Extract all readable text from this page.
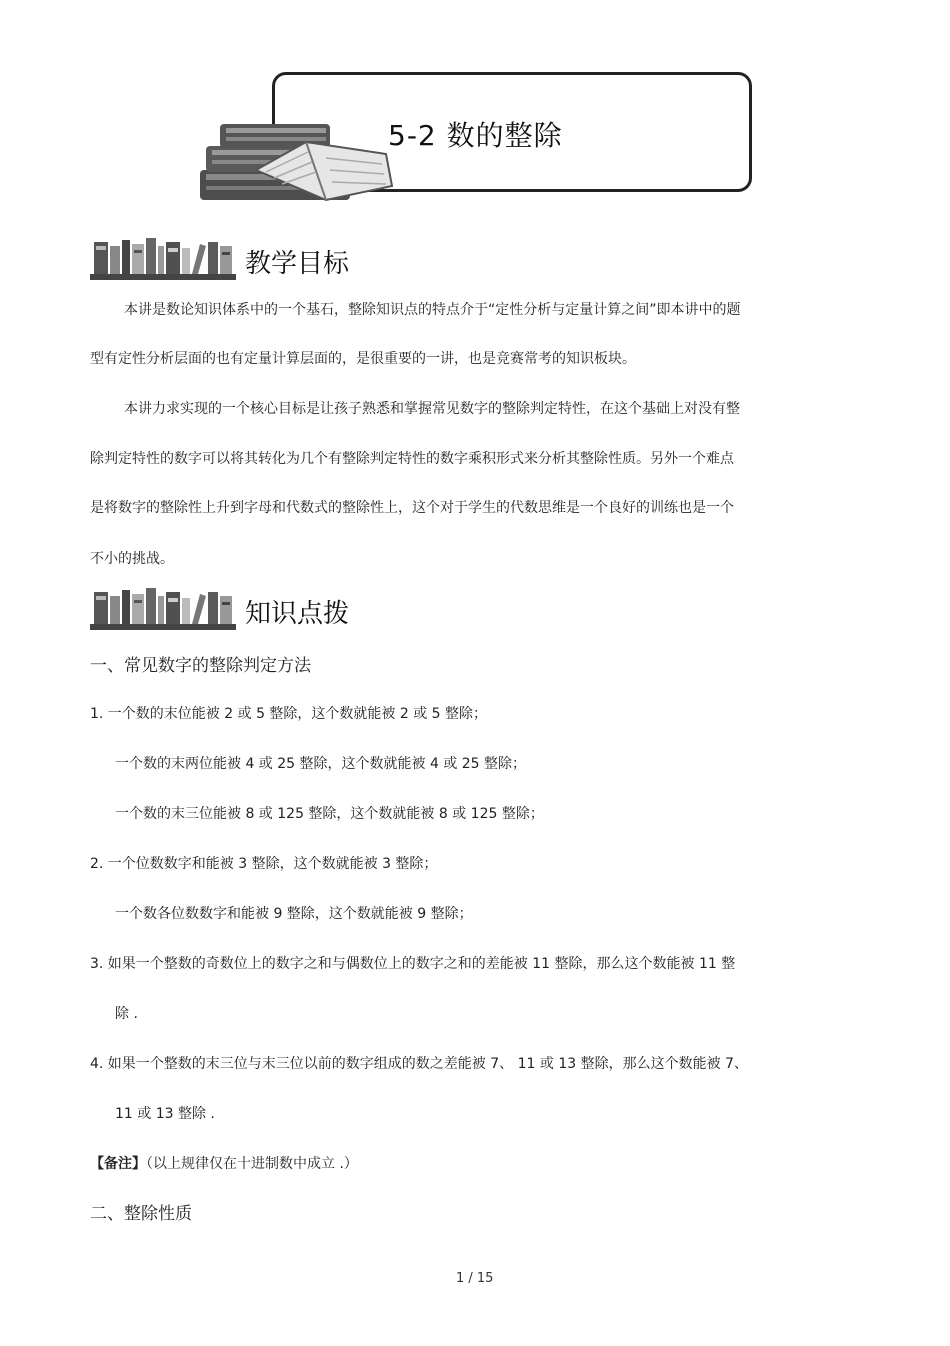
5-2 数的整除
教学目标
本讲是数论知识体系中的一个基石，整除知识点的特点介于“定性分析与定量计算之间”即本讲中的题
型有定性分析层面的也有定量计算层面的，是很重要的一讲，也是竞赛常考的知识板块。
本讲力求实现的一个核心目标是让孩子熟悉和掌握常见数字的整除判定特性，在这个基础上对没有整
除判定特性的数字可以将其转化为几个有整除判定特性的数字乘积形式来分析其整除性质。另外一个难点
是将数字的整除性上升到字母和代数式的整除性上，这个对于学生的代数思维是一个良好的训练也是一个
不小的挑战。
知识点拨
一、常见数字的整除判定方法
1. 一个数的末位能被 2 或 5 整除，这个数就能被 2 或 5 整除；
一个数的末两位能被 4 或 25 整除，这个数就能被 4 或 25 整除；
一个数的末三位能被 8 或 125 整除，这个数就能被 8 或 125 整除；
2. 一个位数数字和能被 3 整除，这个数就能被 3 整除；
一个数各位数数字和能被 9 整除，这个数就能被 9 整除；
3. 如果一个整数的奇数位上的数字之和与偶数位上的数字之和的差能被 11 整除，那么这个数能被 11 整
除 .
4. 如果一个整数的末三位与末三位以前的数字组成的数之差能被 7、 11 或 13 整除，那么这个数能被 7、
11 或 13 整除 .
【备注】（以上规律仅在十进制数中成立 .）
二、整除性质
1 / 15
